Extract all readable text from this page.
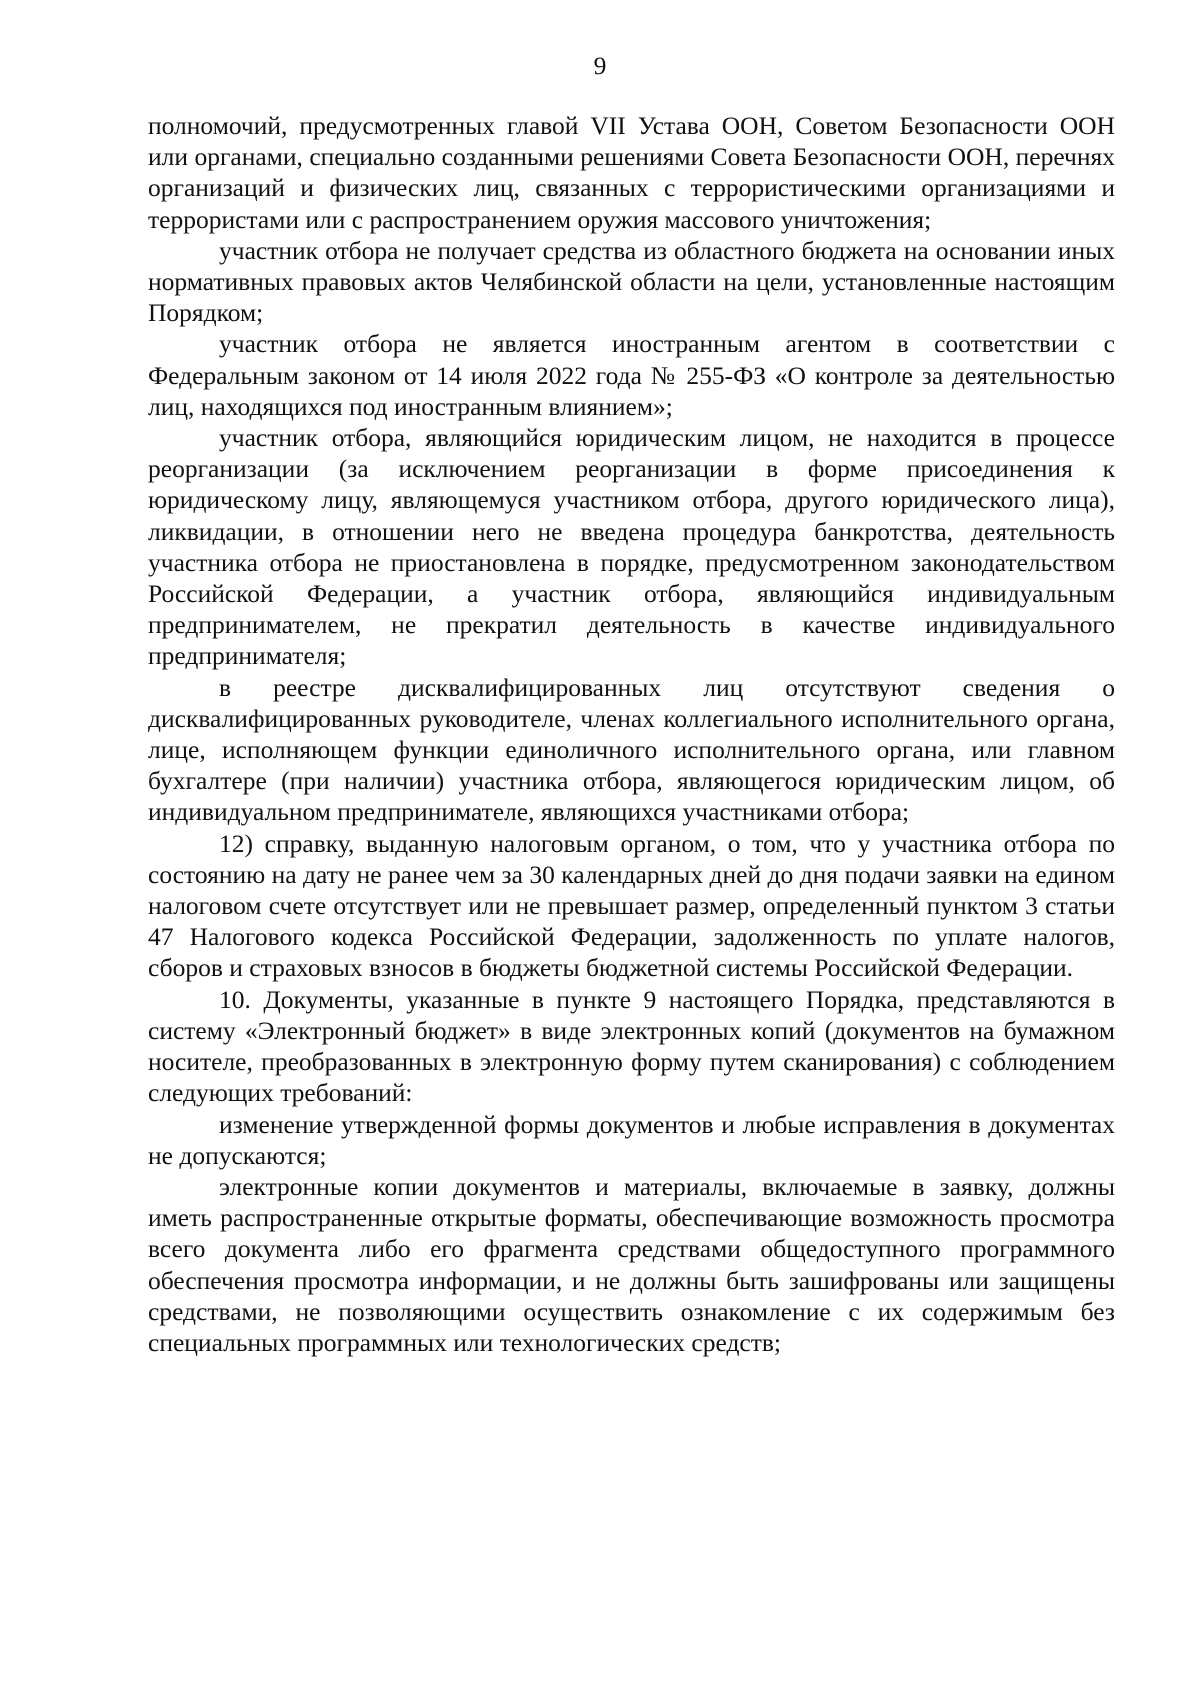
9

полномочий, предусмотренных главой VII Устава ООН, Советом Безопасности ООН или органами, специально созданными решениями Совета Безопасности ООН, перечнях организаций и физических лиц, связанных с террористическими организациями и террористами или с распространением оружия массового уничтожения;

участник отбора не получает средства из областного бюджета на основании иных нормативных правовых актов Челябинской области на цели, установленные настоящим Порядком;

участник отбора не является иностранным агентом в соответствии с Федеральным законом от 14 июля 2022 года № 255-ФЗ «О контроле за деятельностью лиц, находящихся под иностранным влиянием»;

участник отбора, являющийся юридическим лицом, не находится в процессе реорганизации (за исключением реорганизации в форме присоединения к юридическому лицу, являющемуся участником отбора, другого юридического лица), ликвидации, в отношении него не введена процедура банкротства, деятельность участника отбора не приостановлена в порядке, предусмотренном законодательством Российской Федерации, а участник отбора, являющийся индивидуальным предпринимателем, не прекратил деятельность в качестве индивидуального предпринимателя;

в реестре дисквалифицированных лиц отсутствуют сведения о дисквалифицированных руководителе, членах коллегиального исполнительного органа, лице, исполняющем функции единоличного исполнительного органа, или главном бухгалтере (при наличии) участника отбора, являющегося юридическим лицом, об индивидуальном предпринимателе, являющихся участниками отбора;

12) справку, выданную налоговым органом, о том, что у участника отбора по состоянию на дату не ранее чем за 30 календарных дней до дня подачи заявки на едином налоговом счете отсутствует или не превышает размер, определенный пунктом 3 статьи 47 Налогового кодекса Российской Федерации, задолженность по уплате налогов, сборов и страховых взносов в бюджеты бюджетной системы Российской Федерации.

10. Документы, указанные в пункте 9 настоящего Порядка, представляются в систему «Электронный бюджет» в виде электронных копий (документов на бумажном носителе, преобразованных в электронную форму путем сканирования) с соблюдением следующих требований:

изменение утвержденной формы документов и любые исправления в документах не допускаются;

электронные копии документов и материалы, включаемые в заявку, должны иметь распространенные открытые форматы, обеспечивающие возможность просмотра всего документа либо его фрагмента средствами общедоступного программного обеспечения просмотра информации, и не должны быть зашифрованы или защищены средствами, не позволяющими осуществить ознакомление с их содержимым без специальных программных или технологических средств;
